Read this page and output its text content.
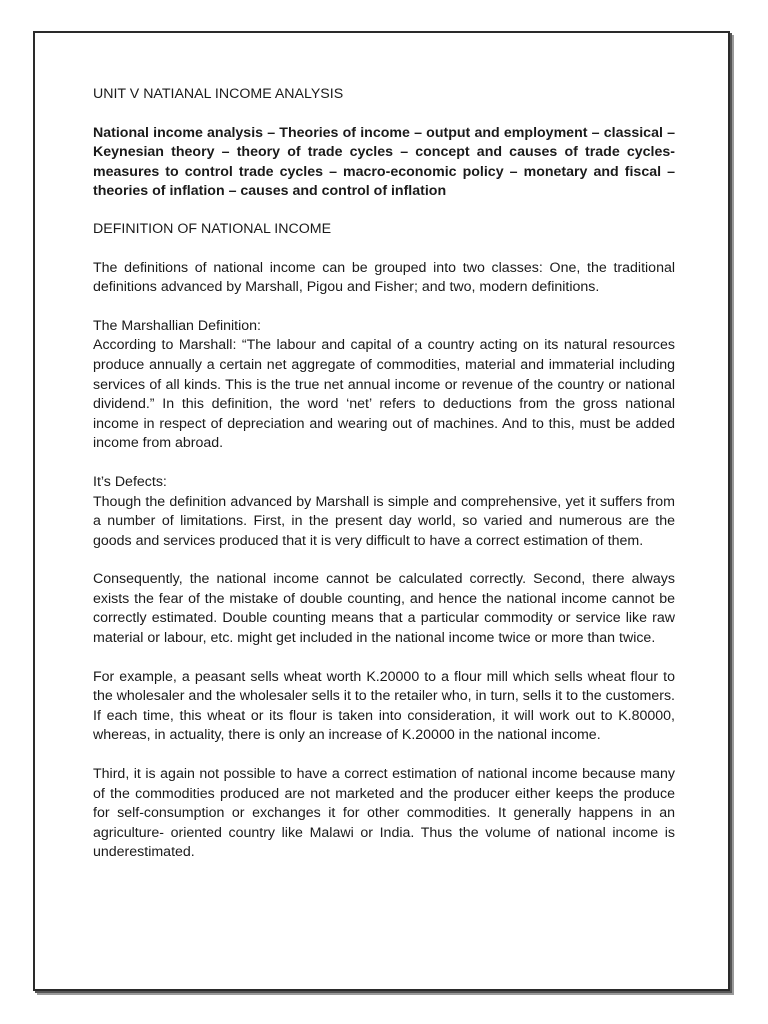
UNIT V NATIANAL INCOME ANALYSIS

National income analysis – Theories of income – output and employment – classical – Keynesian theory – theory of trade cycles – concept and causes of trade cycles- measures to control trade cycles – macro-economic policy – monetary and fiscal – theories of inflation – causes and control of inflation

DEFINITION OF NATIONAL INCOME

The definitions of national income can be grouped into two classes: One, the traditional definitions advanced by Marshall, Pigou and Fisher; and two, modern definitions.

The Marshallian Definition:

According to Marshall: “The labour and capital of a country acting on its natural resources produce annually a certain net aggregate of commodities, material and immaterial including services of all kinds. This is the true net annual income or revenue of the country or national dividend.” In this definition, the word ‘net’ refers to deductions from the gross national income in respect of depreciation and wearing out of machines. And to this, must be added income from abroad.

It’s Defects:

Though the definition advanced by Marshall is simple and comprehensive, yet it suffers from a number of limitations. First, in the present day world, so varied and numerous are the goods and services produced that it is very difficult to have a correct estimation of them.

Consequently, the national income cannot be calculated correctly. Second, there always exists the fear of the mistake of double counting, and hence the national income cannot be correctly estimated. Double counting means that a particular commodity or service like raw material or labour, etc. might get included in the national income twice or more than twice.

For example, a peasant sells wheat worth K.20000 to a flour mill which sells wheat flour to the wholesaler and the wholesaler sells it to the retailer who, in turn, sells it to the customers. If each time, this wheat or its flour is taken into consideration, it will work out to K.80000, whereas, in actuality, there is only an increase of K.20000 in the national income.

Third, it is again not possible to have a correct estimation of national income because many of the commodities produced are not marketed and the producer either keeps the produce for self-consumption or exchanges it for other commodities. It generally happens in an agriculture- oriented country like Malawi or India. Thus the volume of national income is underestimated.
